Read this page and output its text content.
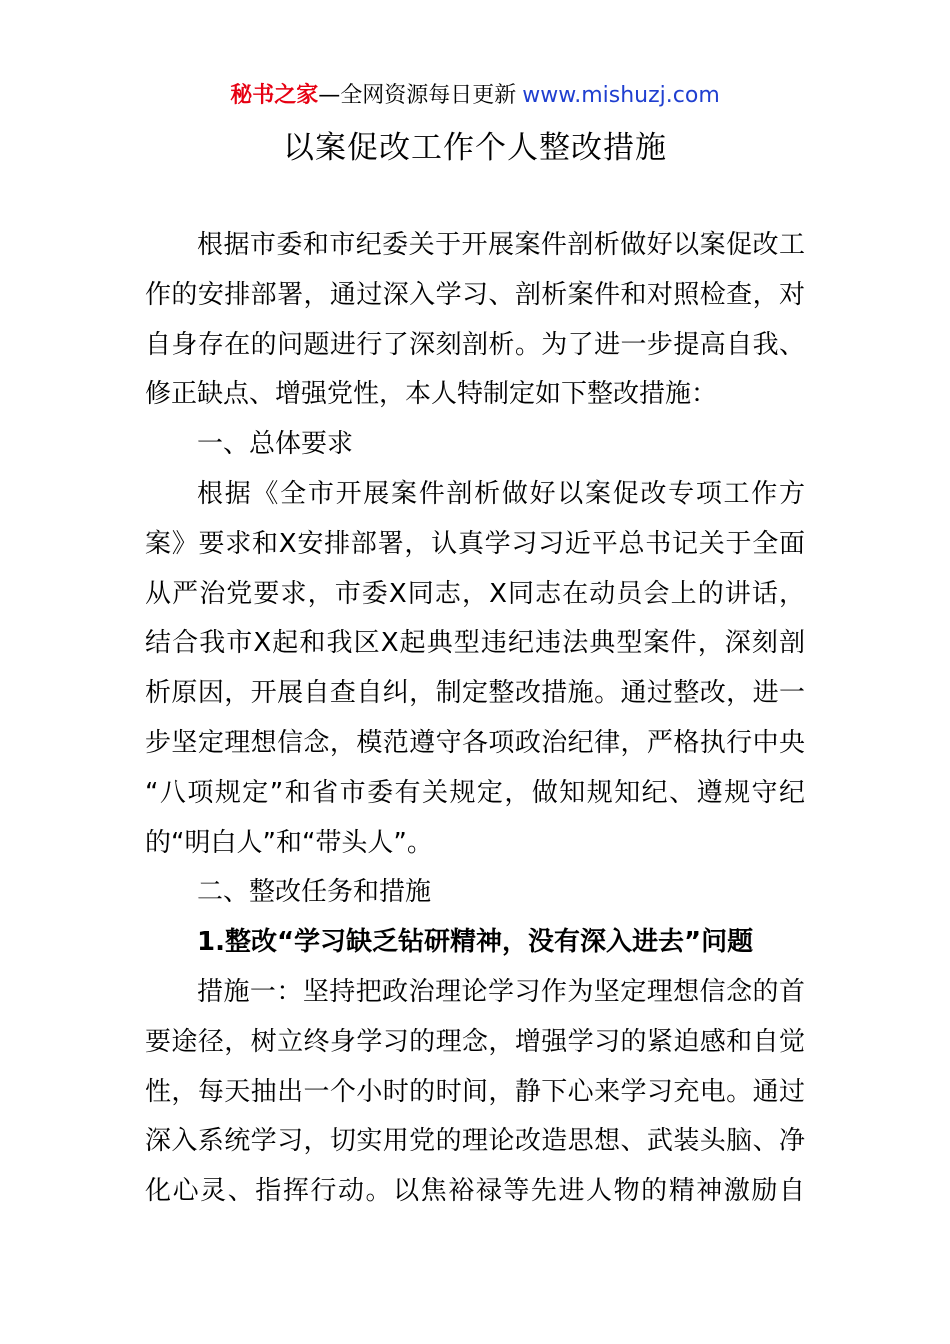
秘书之家—全网资源每日更新 www.mishuzj.com
以案促改工作个人整改措施
根据市委和市纪委关于开展案件剖析做好以案促改工
作的安排部署，通过深入学习、剖析案件和对照检查，对
自身存在的问题进行了深刻剖析。为了进一步提高自我、
修正缺点、增强党性，本人特制定如下整改措施：
一、总体要求
根据《全市开展案件剖析做好以案促改专项工作方
案》要求和X安排部署，认真学习习近平总书记关于全面
从严治党要求，市委X同志，X同志在动员会上的讲话，
结合我市X起和我区X起典型违纪违法典型案件，深刻剖
析原因，开展自查自纠，制定整改措施。通过整改，进一
步坚定理想信念，模范遵守各项政治纪律，严格执行中央
“八项规定”和省市委有关规定，做知规知纪、遵规守纪
的“明白人”和“带头人”。
二、整改任务和措施
1.整改“学习缺乏钻研精神，没有深入进去”问题
措施一：坚持把政治理论学习作为坚定理想信念的首
要途径，树立终身学习的理念，增强学习的紧迫感和自觉
性，每天抽出一个小时的时间，静下心来学习充电。通过
深入系统学习，切实用党的理论改造思想、武装头脑、净
化心灵、指挥行动。以焦裕禄等先进人物的精神激励自
